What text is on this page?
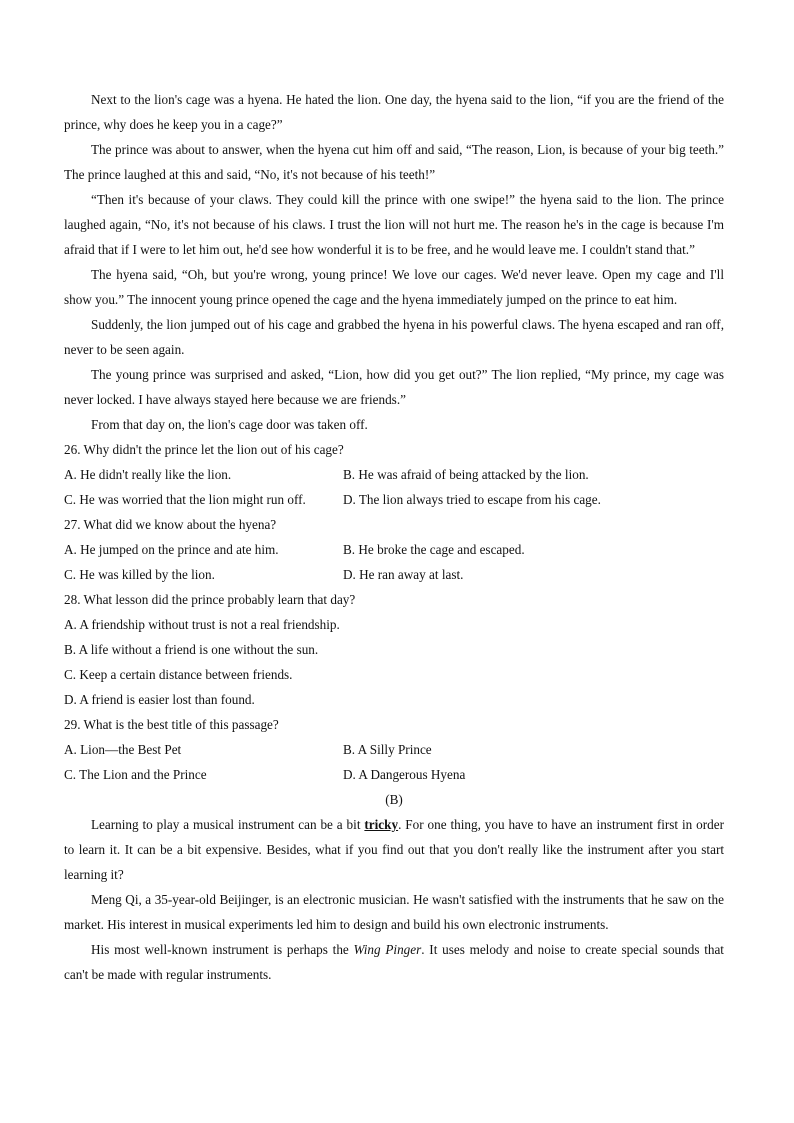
Next to the lion's cage was a hyena. He hated the lion. One day, the hyena said to the lion, “if you are the friend of the prince, why does he keep you in a cage?”

The prince was about to answer, when the hyena cut him off and said, “The reason, Lion, is because of your big teeth.” The prince laughed at this and said, “No, it's not because of his teeth!”

“Then it's because of your claws. They could kill the prince with one swipe!” the hyena said to the lion. The prince laughed again, “No, it's not because of his claws. I trust the lion will not hurt me. The reason he's in the cage is because I'm afraid that if I were to let him out, he'd see how wonderful it is to be free, and he would leave me. I couldn't stand that.”

The hyena said, “Oh, but you're wrong, young prince! We love our cages. We'd never leave. Open my cage and I'll show you.” The innocent young prince opened the cage and the hyena immediately jumped on the prince to eat him.

Suddenly, the lion jumped out of his cage and grabbed the hyena in his powerful claws. The hyena escaped and ran off, never to be seen again.

The young prince was surprised and asked, “Lion, how did you get out?” The lion replied, “My prince, my cage was never locked. I have always stayed here because we are friends.”

From that day on, the lion's cage door was taken off.

26. Why didn't the prince let the lion out of his cage?

A. He didn't really like the lion.	B. He was afraid of being attacked by the lion.
C. He was worried that the lion might run off.	D. The lion always tried to escape from his cage.

27. What did we know about the hyena?

A. He jumped on the prince and ate him.	B. He broke the cage and escaped.
C. He was killed by the lion.	D. He ran away at last.

28. What lesson did the prince probably learn that day?

A. A friendship without trust is not a real friendship.

B. A life without a friend is one without the sun.

C. Keep a certain distance between friends.

D. A friend is easier lost than found.

29. What is the best title of this passage?

A. Lion—the Best Pet	B. A Silly Prince
C. The Lion and the Prince	D. A Dangerous Hyena

(B)

Learning to play a musical instrument can be a bit tricky. For one thing, you have to have an instrument first in order to learn it. It can be a bit expensive. Besides, what if you find out that you don't really like the instrument after you start learning it?

Meng Qi, a 35-year-old Beijinger, is an electronic musician. He wasn't satisfied with the instruments that he saw on the market. His interest in musical experiments led him to design and build his own electronic instruments.

His most well-known instrument is perhaps the Wing Pinger. It uses melody and noise to create special sounds that can't be made with regular instruments.
